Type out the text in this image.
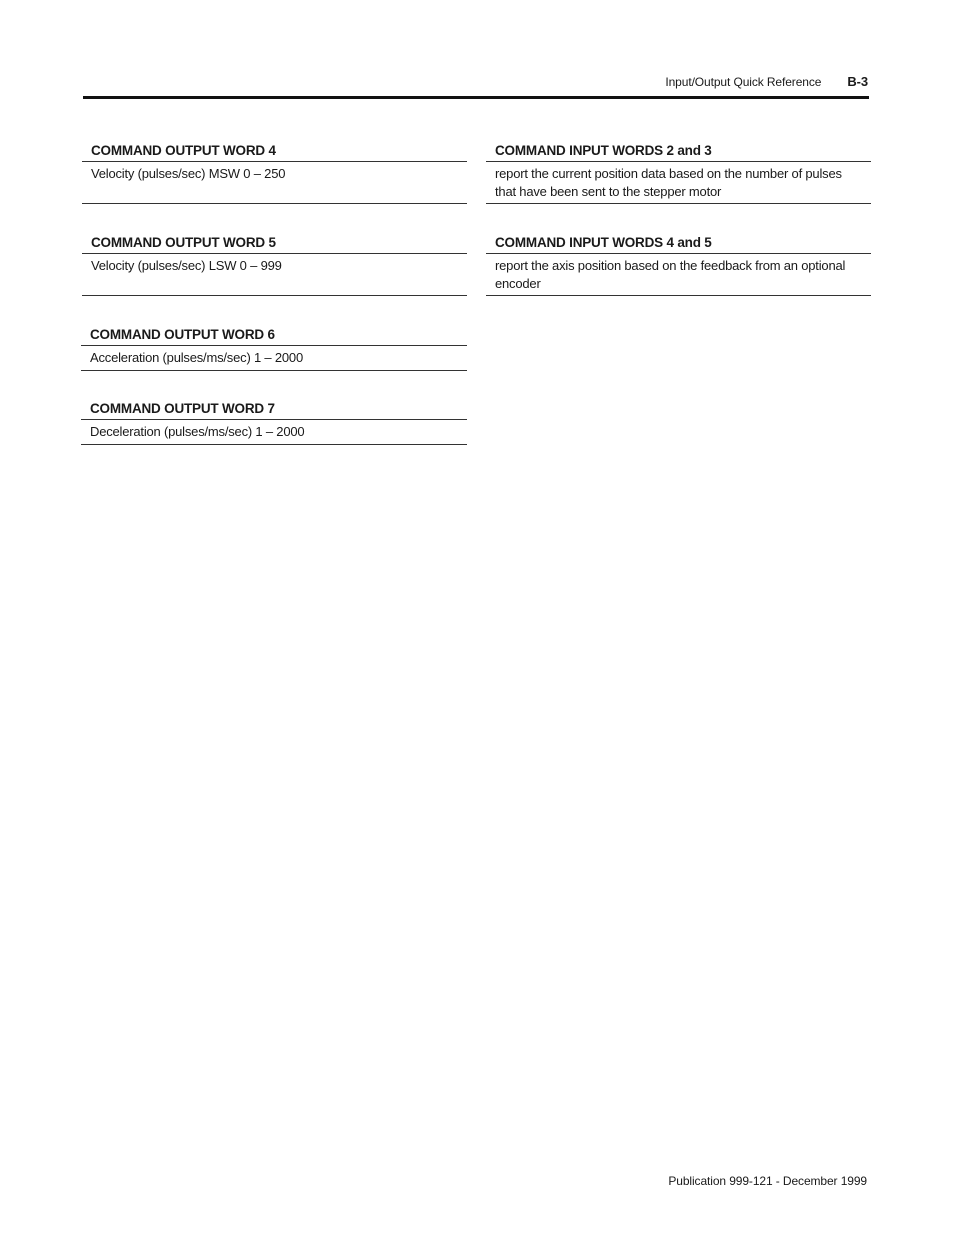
Input/Output Quick Reference B-3
COMMAND OUTPUT WORD 4
Velocity (pulses/sec) MSW 0 – 250
COMMAND OUTPUT WORD 5
Velocity (pulses/sec) LSW 0 – 999
COMMAND OUTPUT WORD 6
Acceleration (pulses/ms/sec) 1 – 2000
COMMAND OUTPUT WORD 7
Deceleration (pulses/ms/sec) 1 – 2000
COMMAND INPUT WORDS 2 and 3
report the current position data based on the number of pulses that have been sent to the stepper motor
COMMAND INPUT WORDS 4 and 5
report the axis position based on the feedback from an optional encoder
Publication 999-121 - December 1999
